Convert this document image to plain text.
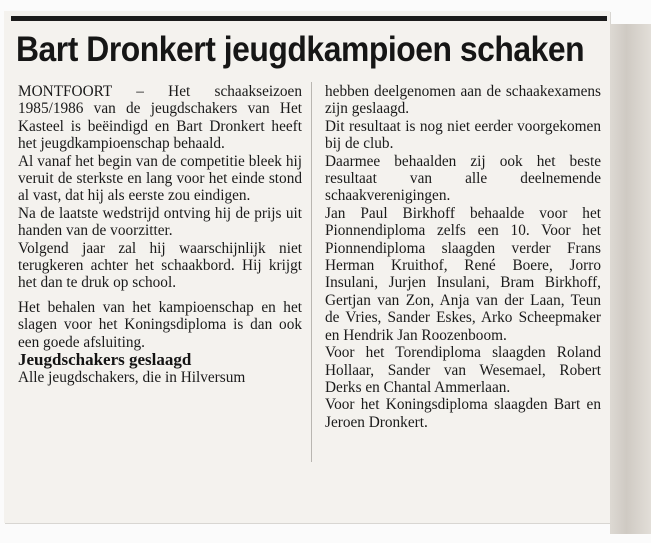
Bart Dronkert jeugdkampioen schaken

MONTFOORT – Het schaakseizoen 1985/1986 van de jeugdschakers van Het Kasteel is beëindigd en Bart Dronkert heeft het jeugdkampioenschap behaald.

Al vanaf het begin van de competitie bleek hij veruit de sterkste en lang voor het einde stond al vast, dat hij als eerste zou eindigen.

Na de laatste wedstrijd ontving hij de prijs uit handen van de voorzitter.

Volgend jaar zal hij waarschijnlijk niet terugkeren achter het schaakbord. Hij krijgt het dan te druk op school.

Het behalen van het kampioenschap en het slagen voor het Koningsdiploma is dan ook een goede afsluiting.

Jeugdschakers geslaagd

Alle jeugdschakers, die in Hilversum

hebben deelgenomen aan de schaakexamens zijn geslaagd.

Dit resultaat is nog niet eerder voorgekomen bij de club.

Daarmee behaalden zij ook het beste resultaat van alle deelnemende schaakverenigingen.

Jan Paul Birkhoff behaalde voor het Pionnendiploma zelfs een 10. Voor het Pionnendiploma slaagden verder Frans Herman Kruithof, René Boere, Jorro Insulani, Jurjen Insulani, Bram Birkhoff, Gertjan van Zon, Anja van der Laan, Teun de Vries, Sander Eskes, Arko Scheepmaker en Hendrik Jan Roozenboom.

Voor het Torendiploma slaagden Roland Hollaar, Sander van Wesemael, Robert Derks en Chantal Ammerlaan.

Voor het Koningsdiploma slaagden Bart en Jeroen Dronkert.
